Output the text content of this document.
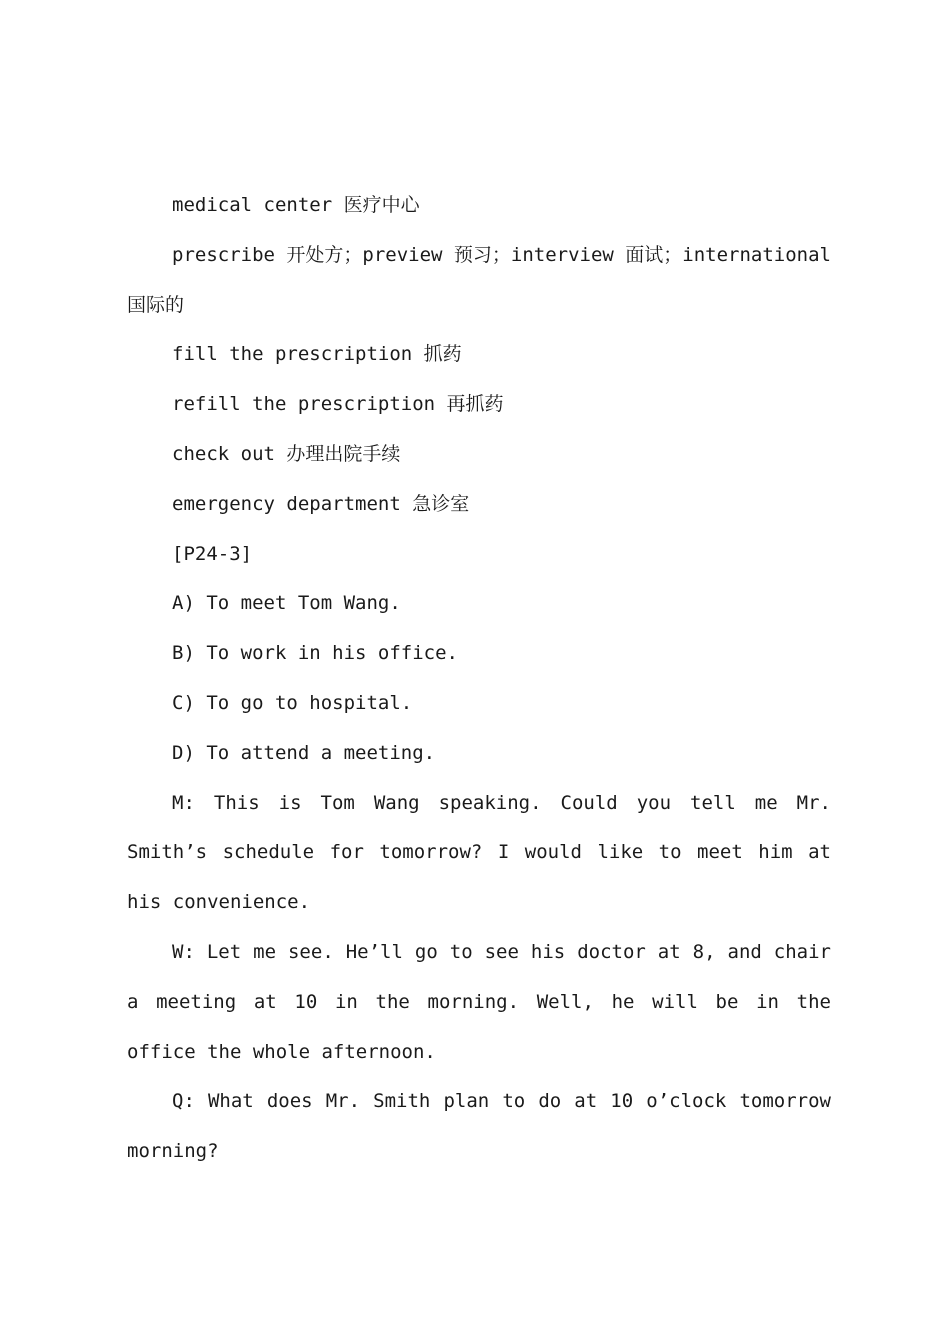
medical center 医疗中心

prescribe 开处方；preview 预习；interview 面试；international 国际的

fill the prescription 抓药

refill the prescription 再抓药

check out 办理出院手续

emergency department 急诊室

[P24-3]

A) To meet Tom Wang.

B) To work in his office.

C) To go to hospital.

D) To attend a meeting.

M: This is Tom Wang speaking. Could you tell me Mr. Smith’s schedule for tomorrow? I would like to meet him at his convenience.

W: Let me see. He’ll go to see his doctor at 8, and chair a meeting at 10 in the morning. Well, he will be in the office the whole afternoon.

Q: What does Mr. Smith plan to do at 10 o’clock tomorrow morning?
